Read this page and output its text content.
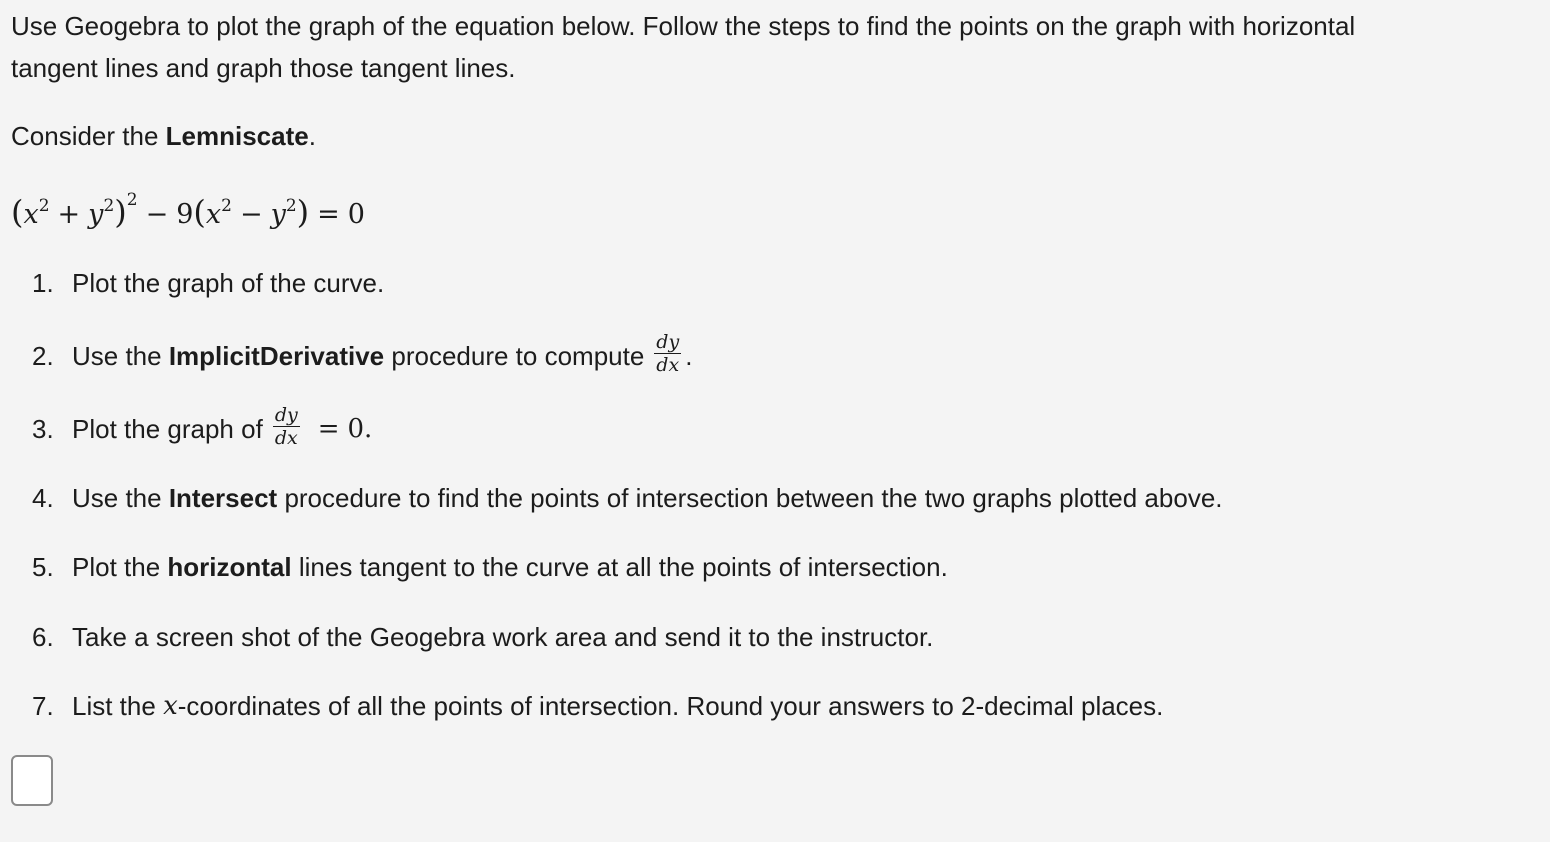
Use Geogebra to plot the graph of the equation below. Follow the steps to find the points on the graph with horizontal
tangent lines and graph those tangent lines.

Consider the Lemniscate.

$(x^2 + y^2)^2 - 9(x^2 - y^2) = 0$
1. Plot the graph of the curve.
2. Use the ImplicitDerivative procedure to compute $\frac{dy}{dx}$ .
3. Plot the graph of $\frac{dy}{dx} = 0$.
4. Use the Intersect procedure to find the points of intersection between the two graphs plotted above.
5. Plot the horizontal lines tangent to the curve at all the points of intersection.
6. Take a screen shot of the Geogebra work area and send it to the instructor.
7. List the x -coordinates of all the points of intersection. Round your answers to 2-decimal places.
